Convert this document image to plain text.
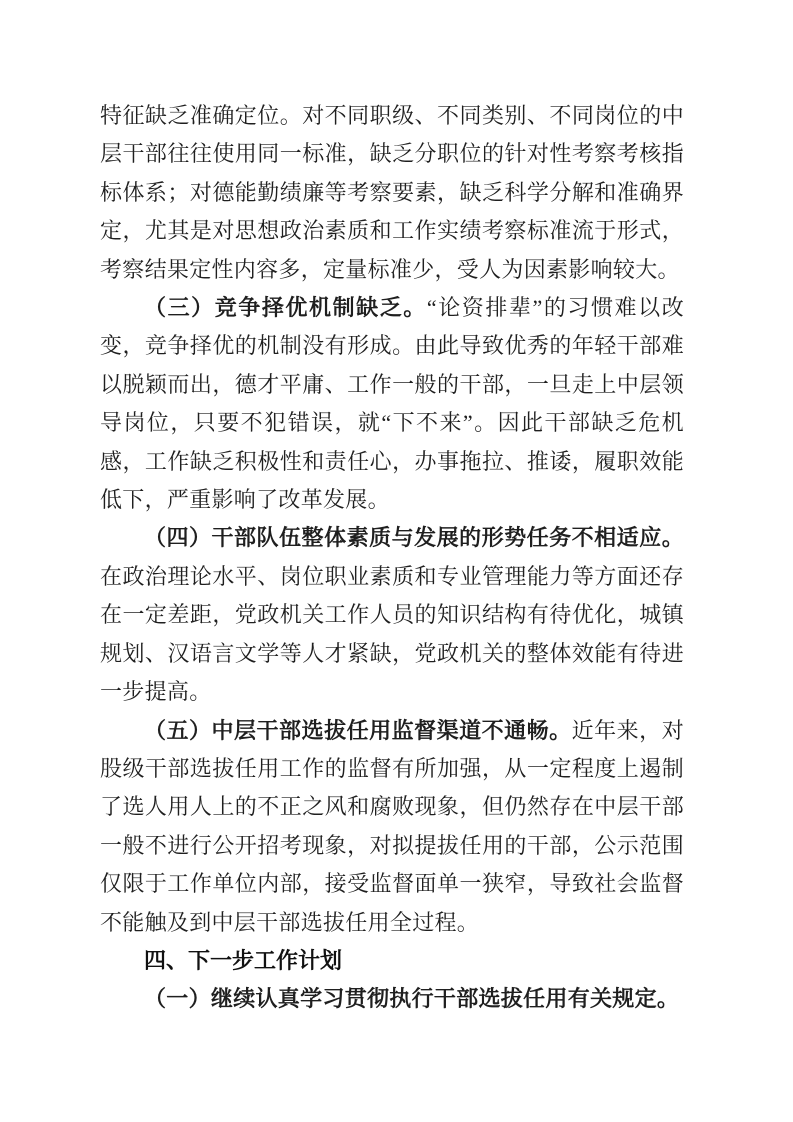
特征缺乏准确定位。对不同职级、不同类别、不同岗位的中层干部往往使用同一标准，缺乏分职位的针对性考察考核指标体系；对德能勤绩廉等考察要素，缺乏科学分解和准确界定，尤其是对思想政治素质和工作实绩考察标准流于形式，考察结果定性内容多，定量标准少，受人为因素影响较大。

（三）竞争择优机制缺乏。“论资排辈”的习惯难以改变，竞争择优的机制没有形成。由此导致优秀的年轻干部难以脱颖而出，德才平庸、工作一般的干部，一旦走上中层领导岗位，只要不犯错误，就“下不来”。因此干部缺乏危机感，工作缺乏积极性和责任心，办事拖拉、推诿，履职效能低下，严重影响了改革发展。

（四）干部队伍整体素质与发展的形势任务不相适应。在政治理论水平、岗位职业素质和专业管理能力等方面还存在一定差距，党政机关工作人员的知识结构有待优化，城镇规划、汉语言文学等人才紧缺，党政机关的整体效能有待进一步提高。

（五）中层干部选拔任用监督渠道不通畅。近年来，对股级干部选拔任用工作的监督有所加强，从一定程度上遏制了选人用人上的不正之风和腐败现象，但仍然存在中层干部一般不进行公开招考现象，对拟提拔任用的干部，公示范围仅限于工作单位内部，接受监督面单一狭窄，导致社会监督不能触及到中层干部选拔任用全过程。

四、下一步工作计划

（一）继续认真学习贯彻执行干部选拔任用有关规定。
